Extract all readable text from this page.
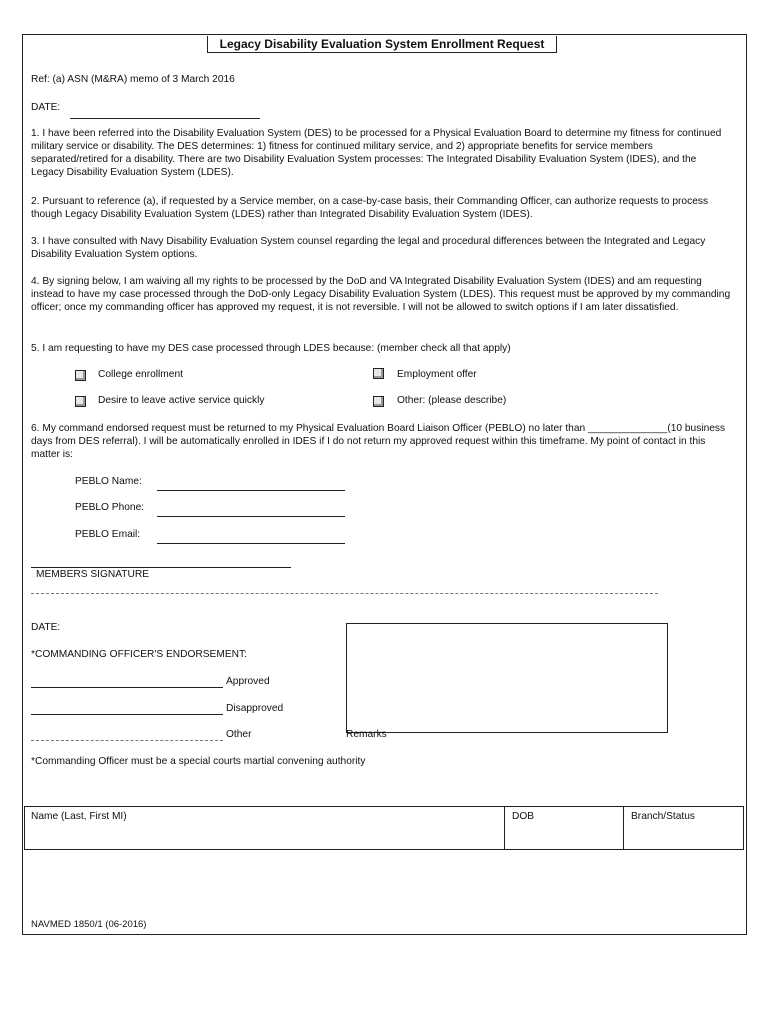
Legacy Disability Evaluation System Enrollment Request
Ref: (a) ASN (M&RA) memo of 3 March 2016
DATE:
1. I have been referred into the Disability Evaluation System (DES) to be processed for a Physical Evaluation Board to determine my fitness for continued military service or disability. The DES determines: 1) fitness for continued military service, and 2) appropriate benefits for service members separated/retired for a disability. There are two Disability Evaluation System processes: The Integrated Disability Evaluation System (IDES), and the Legacy Disability Evaluation System (LDES).
2. Pursuant to reference (a), if requested by a Service member, on a case-by-case basis, their Commanding Officer, can authorize requests to process though Legacy Disability Evaluation System (LDES) rather than Integrated Disability Evaluation System (IDES).
3. I have consulted with Navy Disability Evaluation System counsel regarding the legal and procedural differences between the Integrated and Legacy Disability Evaluation System options.
4. By signing below, I am waiving all my rights to be processed by the DoD and VA Integrated Disability Evaluation System (IDES) and am requesting instead to have my case processed through the DoD-only Legacy Disability Evaluation System (LDES). This request must be approved by my commanding officer; once my commanding officer has approved my request, it is not reversible. I will not be allowed to switch options if I am later dissatisfied.
5. I am requesting to have my DES case processed through LDES because: (member check all that apply)
College enrollment	Employment offer
Desire to leave active service quickly	Other: (please describe)
6. My command endorsed request must be returned to my Physical Evaluation Board Liaison Officer (PEBLO) no later than ______________(10 business days from DES referral). I will be automatically enrolled in IDES if I do not return my approved request within this timeframe. My point of contact in this matter is:
PEBLO Name:
PEBLO Phone:
PEBLO Email:
MEMBERS SIGNATURE
DATE:
*COMMANDING OFFICER'S ENDORSEMENT:
Approved
Disapproved
Other	Remarks
*Commanding Officer must be a special courts martial convening authority
Name (Last, First MI)	DOB	Branch/Status
NAVMED 1850/1 (06-2016)
